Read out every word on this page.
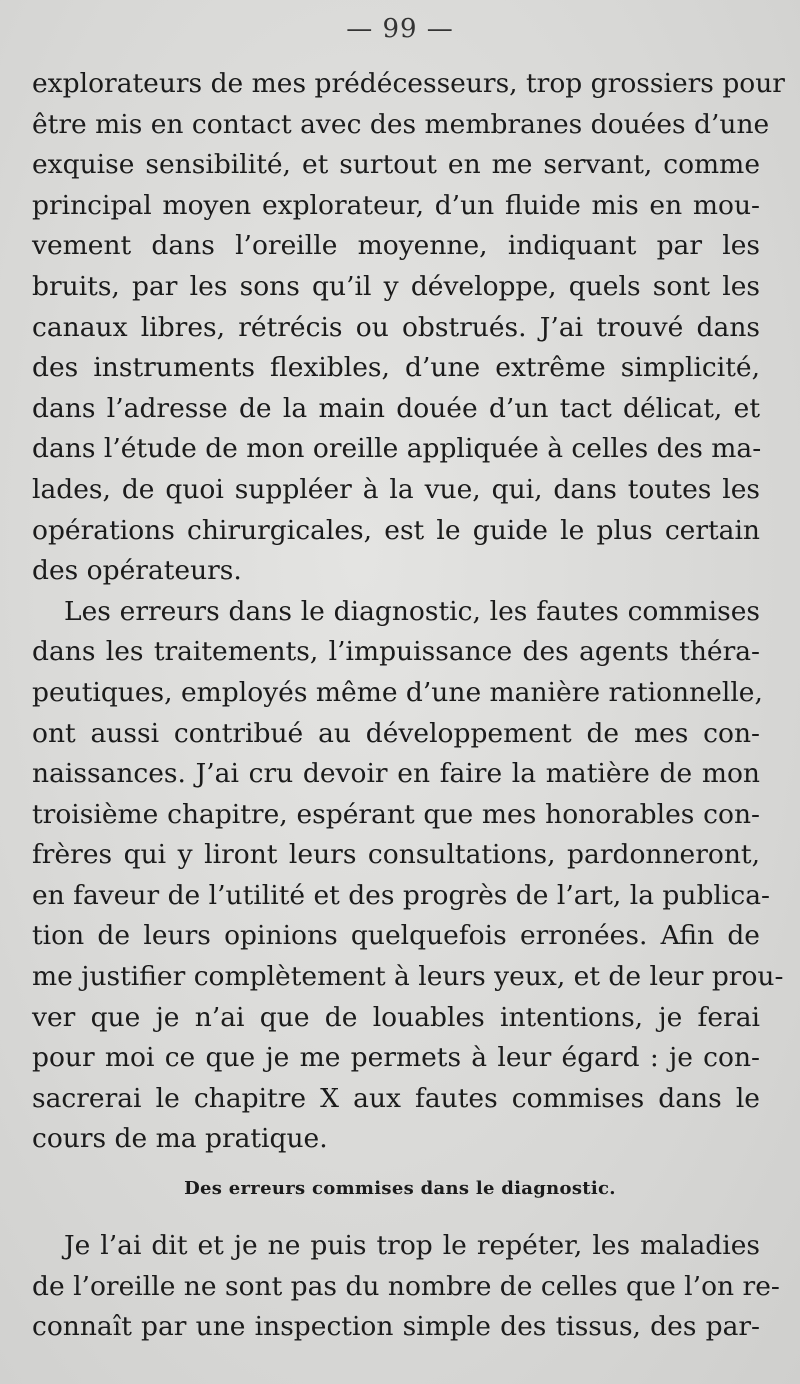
— 99 —
explorateurs de mes prédécesseurs, trop grossiers pour
être mis en contact avec des membranes douées d’une
exquise sensibilité, et surtout en me servant, comme
principal moyen explorateur, d’un fluide mis en mou-
vement dans l’oreille moyenne, indiquant par les
bruits, par les sons qu’il y développe, quels sont les
canaux libres, rétrécis ou obstrués. J’ai trouvé dans
des instruments flexibles, d’une extrême simplicité,
dans l’adresse de la main douée d’un tact délicat, et
dans l’étude de mon oreille appliquée à celles des ma-
lades, de quoi suppléer à la vue, qui, dans toutes les
opérations chirurgicales, est le guide le plus certain
des opérateurs.
Les erreurs dans le diagnostic, les fautes commises
dans les traitements, l’impuissance des agents théra-
peutiques, employés même d’une manière rationnelle,
ont aussi contribué au développement de mes con-
naissances. J’ai cru devoir en faire la matière de mon
troisième chapitre, espérant que mes honorables con-
frères qui y liront leurs consultations, pardonneront,
en faveur de l’utilité et des progrès de l’art, la publica-
tion de leurs opinions quelquefois erronées. Afin de
me justifier complètement à leurs yeux, et de leur prou-
ver que je n’ai que de louables intentions, je ferai
pour moi ce que je me permets à leur égard : je con-
sacrerai le chapitre X aux fautes commises dans le
cours de ma pratique.
Des erreurs commises dans le diagnostic.
Je l’ai dit et je ne puis trop le repéter, les maladies
de l’oreille ne sont pas du nombre de celles que l’on re-
connaît par une inspection simple des tissus, des par-
